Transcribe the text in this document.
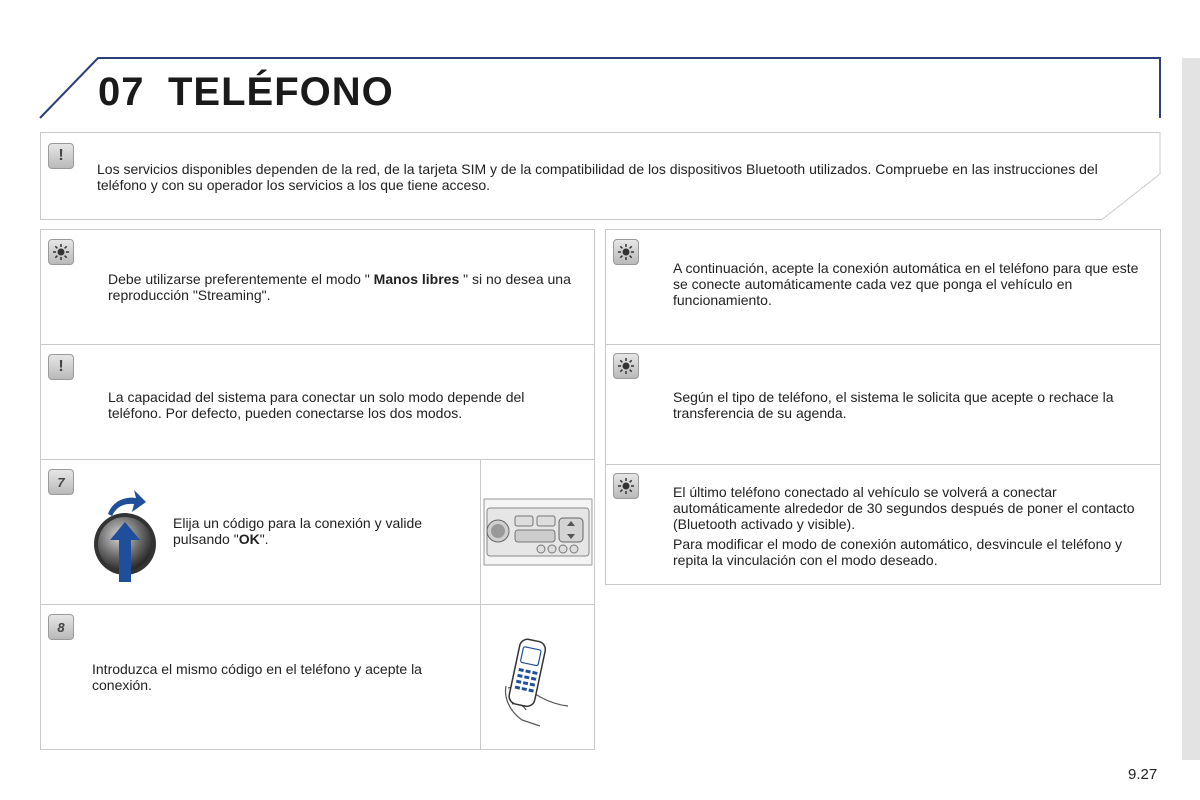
07 TELÉFONO
!

Los servicios disponibles dependen de la red, de la tarjeta SIM y de la compatibilidad de los dispositivos Bluetooth utilizados. Compruebe en las instrucciones del teléfono y con su operador los servicios a los que tiene acceso.

Debe utilizarse preferentemente el modo " Manos libres " si no desea una reproducción "Streaming".

!

La capacidad del sistema para conectar un solo modo depende del teléfono. Por defecto, pueden conectarse los dos modos.

7

Elija un código para la conexión y valide pulsando "OK".

8

Introduzca el mismo código en el teléfono y acepte la conexión.

A continuación, acepte la conexión automática en el teléfono para que este se conecte automáticamente cada vez que ponga el vehículo en funcionamiento.

Según el tipo de teléfono, el sistema le solicita que acepte o rechace la transferencia de su agenda.

El último teléfono conectado al vehículo se volverá a conectar automáticamente alrededor de 30 segundos después de poner el contacto (Bluetooth activado y visible).

Para modificar el modo de conexión automático, desvincule el teléfono y repita la vinculación con el modo deseado.

9.27
